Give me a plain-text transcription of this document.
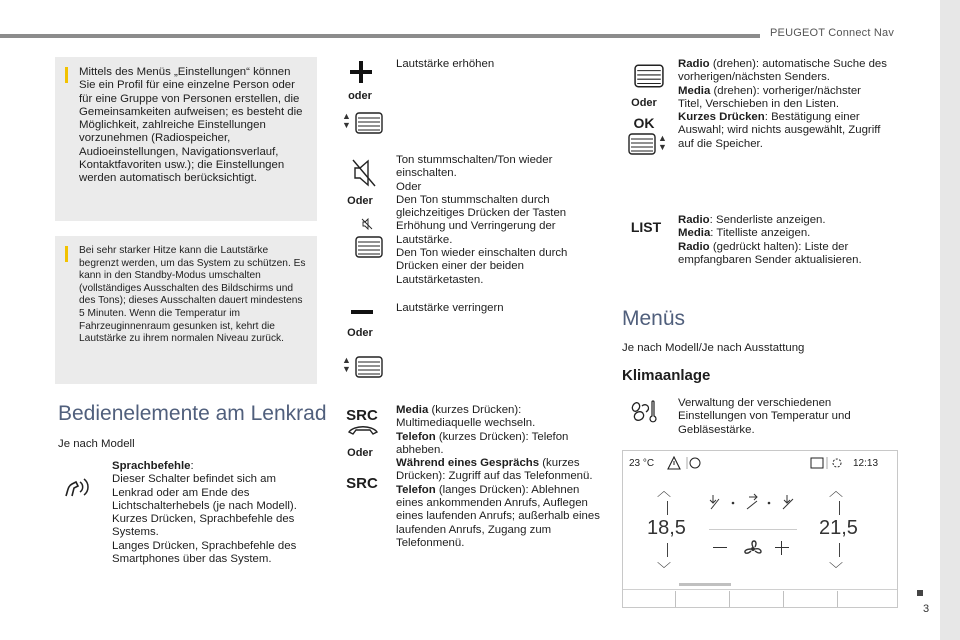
PEUGEOT Connect Nav
3
Mittels des Menüs „Einstellungen“ können Sie ein Profil für eine einzelne Person oder für eine Gruppe von Personen erstellen, die Gemeinsamkeiten aufweisen; es besteht die Möglichkeit, zahlreiche Einstellungen vorzunehmen (Radiospeicher, Audioeinstellungen, Navigationsverlauf, Kontaktfavoriten usw.); die Einstellungen werden automatisch berücksichtigt.
Bei sehr starker Hitze kann die Lautstärke begrenzt werden, um das System zu schützen. Es kann in den Standby-Modus umschalten (vollständiges Ausschalten des Bildschirms und des Tons); dieses Ausschalten dauert mindestens 5 Minuten. Wenn die Temperatur im Fahrzeuginnenraum gesunken ist, kehrt die Lautstärke zu ihrem normalen Niveau zurück.
Bedienelemente am Lenkrad
Je nach Modell
Sprachbefehle:
Dieser Schalter befindet sich am Lenkrad oder am Ende des Lichtschalterhebels (je nach Modell).
Kurzes Drücken, Sprachbefehle des Systems.
Langes Drücken, Sprachbefehle des Smartphones über das System.
oder
▲
▼
Lautstärke erhöhen
Oder
Ton stummschalten/Ton wieder einschalten.
Oder
Den Ton stummschalten durch gleichzeitiges Drücken der Tasten Erhöhung und Verringerung der Lautstärke.
Den Ton wieder einschalten durch Drücken einer der beiden Lautstärketasten.
Oder
▲
▼
Lautstärke verringern
SRC
Oder
SRC
Media (kurzes Drücken): Multimediaquelle wechseln.
Telefon (kurzes Drücken): Telefon abheben.
Während eines Gesprächs (kurzes Drücken): Zugriff auf das Telefonmenü.
Telefon (langes Drücken): Ablehnen eines ankommenden Anrufs, Auflegen eines laufenden Anrufs; außerhalb eines laufenden Anrufs, Zugang zum Telefonmenü.
Oder
OK
▲
▼
Radio (drehen): automatische Suche des vorherigen/nächsten Senders.
Media (drehen): vorheriger/nächster Titel, Verschieben in den Listen.
Kurzes Drücken: Bestätigung einer Auswahl; wird nichts ausgewählt, Zugriff auf die Speicher.
LIST	Radio: Senderliste anzeigen.
Media: Titelliste anzeigen.
Radio (gedrückt halten): Liste der empfangbaren Sender aktualisieren.
Menüs
Je nach Modell/Je nach Ausstattung
Klimaanlage
Verwaltung der verschiedenen Einstellungen von Temperatur und Gebläsestärke.
23 °C	12:13
︿
18,5
﹀
︿
21,5
﹀
